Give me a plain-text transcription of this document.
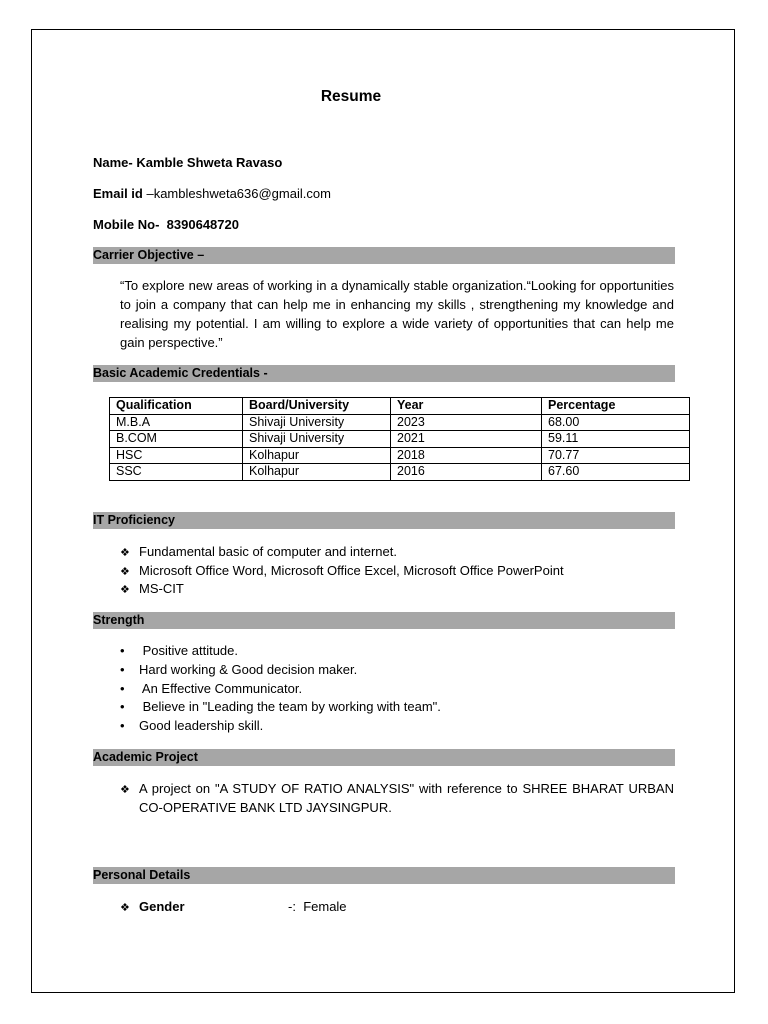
Resume
Name- Kamble Shweta Ravaso
Email id –kambleshweta636@gmail.com
Mobile No- 8390648720
Carrier Objective –
“To explore new areas of working in a dynamically stable organization.“Looking for opportunities to join a company that can help me in enhancing my skills , strengthening my knowledge and realising my potential. I am willing to explore a wide variety of opportunities that can help me gain perspective.”
Basic Academic Credentials -
Qualification	Board/University	Year	Percentage
M.B.A	Shivaji University	2023	68.00
B.COM	Shivaji University	2021	59.11
HSC	Kolhapur	2018	70.77
SSC	Kolhapur	2016	67.60
IT Proficiency
❖ Fundamental basic of computer and internet.
❖ Microsoft Office Word, Microsoft Office Excel, Microsoft Office PowerPoint
❖ MS-CIT
Strength
• Positive attitude.
• Hard working & Good decision maker.
• An Effective Communicator.
• Believe in "Leading the team by working with team".
• Good leadership skill.
Academic Project
❖ A project on "A STUDY OF RATIO ANALYSIS" with reference to SHREE BHARAT URBAN CO-OPERATIVE BANK LTD JAYSINGPUR.
Personal Details
❖ Gender	-: Female
